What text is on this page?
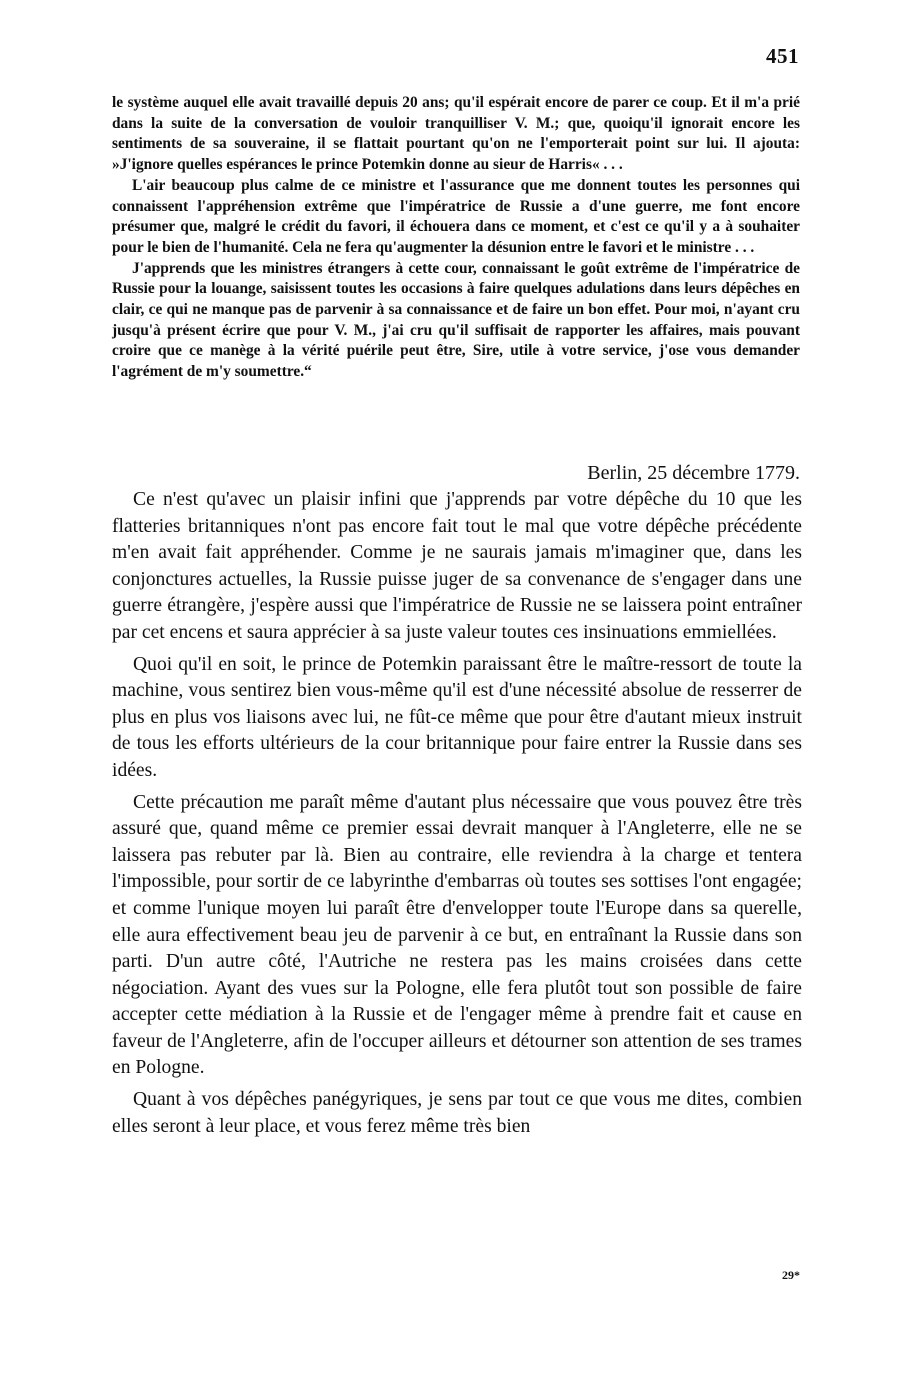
451

le système auquel elle avait travaillé depuis 20 ans; qu'il espérait encore de parer ce coup. Et il m'a prié dans la suite de la conversation de vouloir tranquilliser V. M.; que, quoiqu'il ignorait encore les sentiments de sa souveraine, il se flattait pourtant qu'on ne l'emporterait point sur lui. Il ajouta: »J'ignore quelles espérances le prince Potemkin donne au sieur de Harris« . . .

L'air beaucoup plus calme de ce ministre et l'assurance que me donnent toutes les personnes qui connaissent l'appréhension extrême que l'impératrice de Russie a d'une guerre, me font encore présumer que, malgré le crédit du favori, il échouera dans ce moment, et c'est ce qu'il y a à souhaiter pour le bien de l'humanité. Cela ne fera qu'augmenter la désunion entre le favori et le ministre . . .

J'apprends que les ministres étrangers à cette cour, connaissant le goût extrême de l'impératrice de Russie pour la louange, saisissent toutes les occasions à faire quelques adulations dans leurs dépêches en clair, ce qui ne manque pas de parvenir à sa connaissance et de faire un bon effet. Pour moi, n'ayant cru jusqu'à présent écrire que pour V. M., j'ai cru qu'il suffisait de rapporter les affaires, mais pouvant croire que ce manège à la vérité puérile peut être, Sire, utile à votre service, j'ose vous demander l'agrément de m'y soumettre.“

Berlin, 25 décembre 1779.

Ce n'est qu'avec un plaisir infini que j'apprends par votre dépêche du 10 que les flatteries britanniques n'ont pas encore fait tout le mal que votre dépêche précédente m'en avait fait appréhender. Comme je ne saurais jamais m'imaginer que, dans les conjonctures actuelles, la Russie puisse juger de sa convenance de s'engager dans une guerre étrangère, j'espère aussi que l'impératrice de Russie ne se laissera point entraîner par cet encens et saura apprécier à sa juste valeur toutes ces insinuations emmiellées.

Quoi qu'il en soit, le prince de Potemkin paraissant être le maître-ressort de toute la machine, vous sentirez bien vous-même qu'il est d'une nécessité absolue de resserrer de plus en plus vos liaisons avec lui, ne fût-ce même que pour être d'autant mieux instruit de tous les efforts ultérieurs de la cour britannique pour faire entrer la Russie dans ses idées.

Cette précaution me paraît même d'autant plus nécessaire que vous pouvez être très assuré que, quand même ce premier essai devrait manquer à l'Angleterre, elle ne se laissera pas rebuter par là. Bien au contraire, elle reviendra à la charge et tentera l'impossible, pour sortir de ce labyrinthe d'embarras où toutes ses sottises l'ont engagée; et comme l'unique moyen lui paraît être d'envelopper toute l'Europe dans sa querelle, elle aura effectivement beau jeu de parvenir à ce but, en entraînant la Russie dans son parti. D'un autre côté, l'Autriche ne restera pas les mains croisées dans cette négociation. Ayant des vues sur la Pologne, elle fera plutôt tout son possible de faire accepter cette médiation à la Russie et de l'engager même à prendre fait et cause en faveur de l'Angleterre, afin de l'occuper ailleurs et détourner son attention de ses trames en Pologne.

Quant à vos dépêches panégyriques, je sens par tout ce que vous me dites, combien elles seront à leur place, et vous ferez même très bien

29*
